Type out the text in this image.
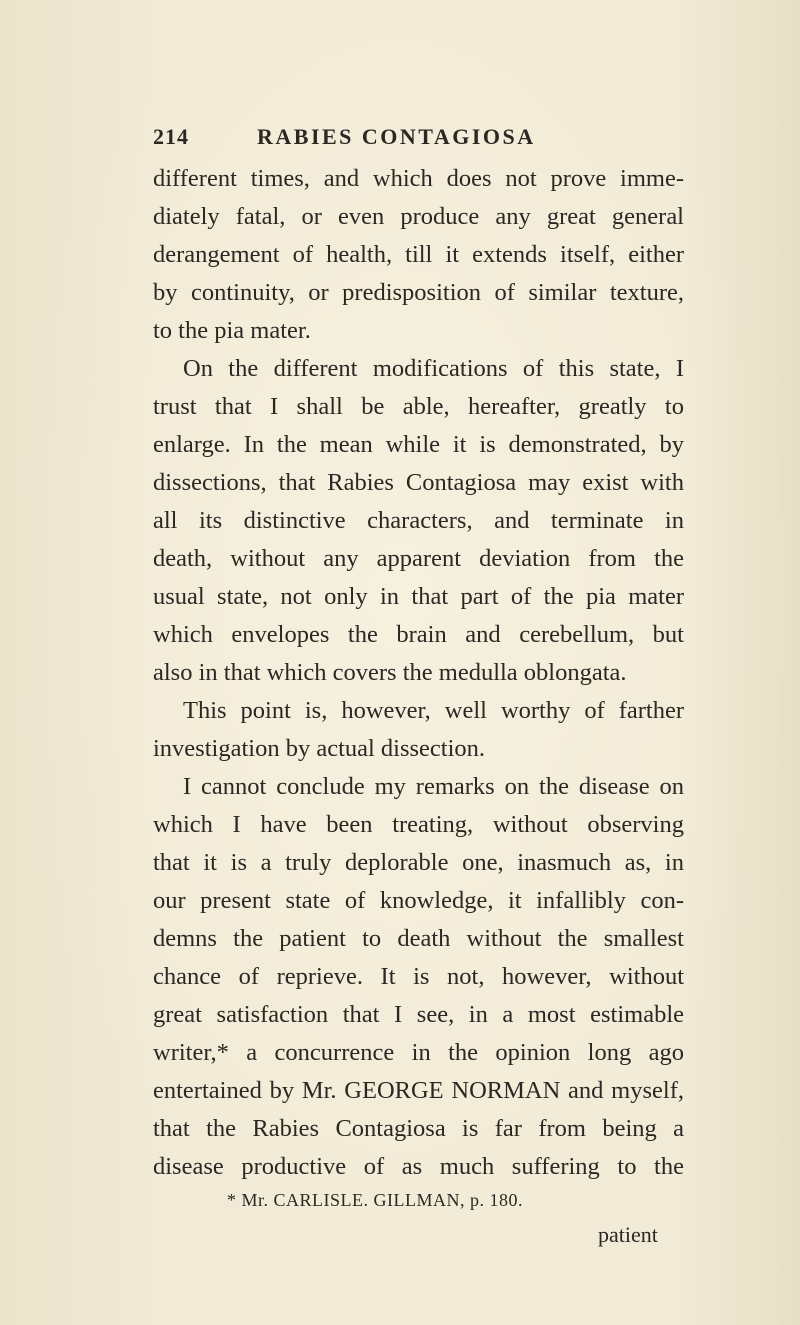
214	RABIES CONTAGIOSA
different times, and which does not prove imme-
diately fatal, or even produce any great general
derangement of health, till it extends itself, either
by continuity, or predisposition of similar texture,
to the pia mater.
On the different modifications of this state, I
trust that I shall be able, hereafter, greatly to
enlarge. In the mean while it is demonstrated, by
dissections, that Rabies Contagiosa may exist with
all its distinctive characters, and terminate in
death, without any apparent deviation from the
usual state, not only in that part of the pia mater
which envelopes the brain and cerebellum, but
also in that which covers the medulla oblongata.
This point is, however, well worthy of farther
investigation by actual dissection.
I cannot conclude my remarks on the disease on
which I have been treating, without observing
that it is a truly deplorable one, inasmuch as, in
our present state of knowledge, it infallibly con-
demns the patient to death without the smallest
chance of reprieve. It is not, however, without
great satisfaction that I see, in a most estimable
writer,* a concurrence in the opinion long ago
entertained by Mr. GEORGE NORMAN and myself,
that the Rabies Contagiosa is far from being a
disease productive of as much suffering to the
* Mr. CARLISLE. GILLMAN, p. 180.
patient
